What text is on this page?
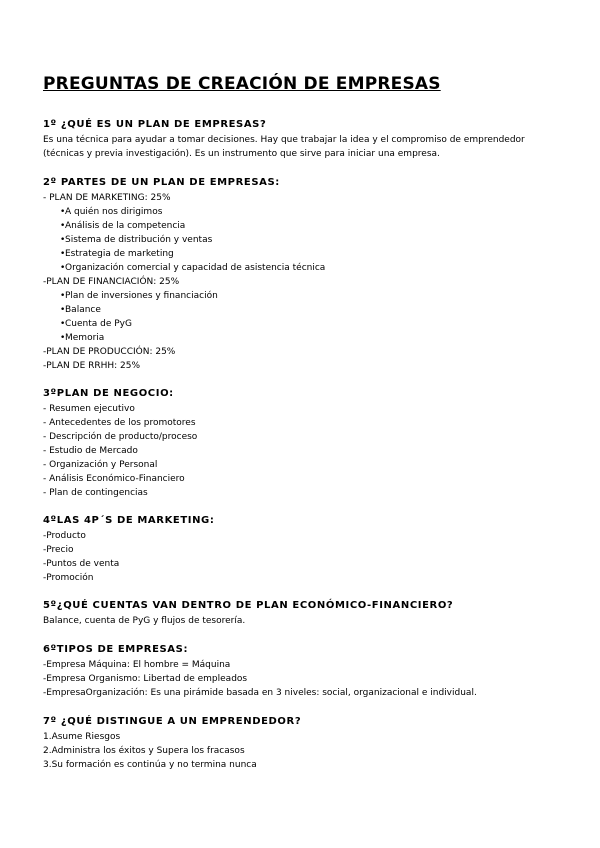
PREGUNTAS DE CREACIÓN DE EMPRESAS
1º ¿QUÉ ES UN PLAN DE EMPRESAS?
Es una técnica para ayudar a tomar decisiones. Hay que trabajar la idea y el compromiso de emprendedor (técnicas y previa investigación). Es un instrumento que sirve para iniciar una empresa.
2º PARTES DE UN PLAN DE EMPRESAS:
- PLAN DE MARKETING: 25%
• A quién nos dirigimos
• Análisis de la competencia
• Sistema de distribución y ventas
• Estrategia de marketing
• Organización comercial y capacidad de asistencia técnica
-PLAN DE FINANCIACIÓN: 25%
• Plan de inversiones y financiación
• Balance
• Cuenta de PyG
• Memoria
-PLAN DE PRODUCCIÓN: 25%
-PLAN DE RRHH: 25%
3ºPLAN DE NEGOCIO:
- Resumen ejecutivo
- Antecedentes de los promotores
- Descripción de producto/proceso
- Estudio de Mercado
- Organización y Personal
- Análisis Económico-Financiero
- Plan de contingencias
4ºLAS 4P´S DE MARKETING:
-Producto
-Precio
-Puntos de venta
-Promoción
5º¿QUÉ CUENTAS VAN DENTRO DE PLAN ECONÓMICO-FINANCIERO?
Balance, cuenta de PyG y flujos de tesorería.
6ºTIPOS DE EMPRESAS:
-Empresa Máquina: El hombre = Máquina
-Empresa Organismo: Libertad de empleados
-EmpresaOrganización: Es una pirámide basada en 3 niveles: social, organizacional e individual.
7º ¿QUÉ DISTINGUE A UN EMPRENDEDOR?
1.Asume Riesgos
2.Administra los éxitos y Supera los fracasos
3.Su formación es continúa y no termina nunca
